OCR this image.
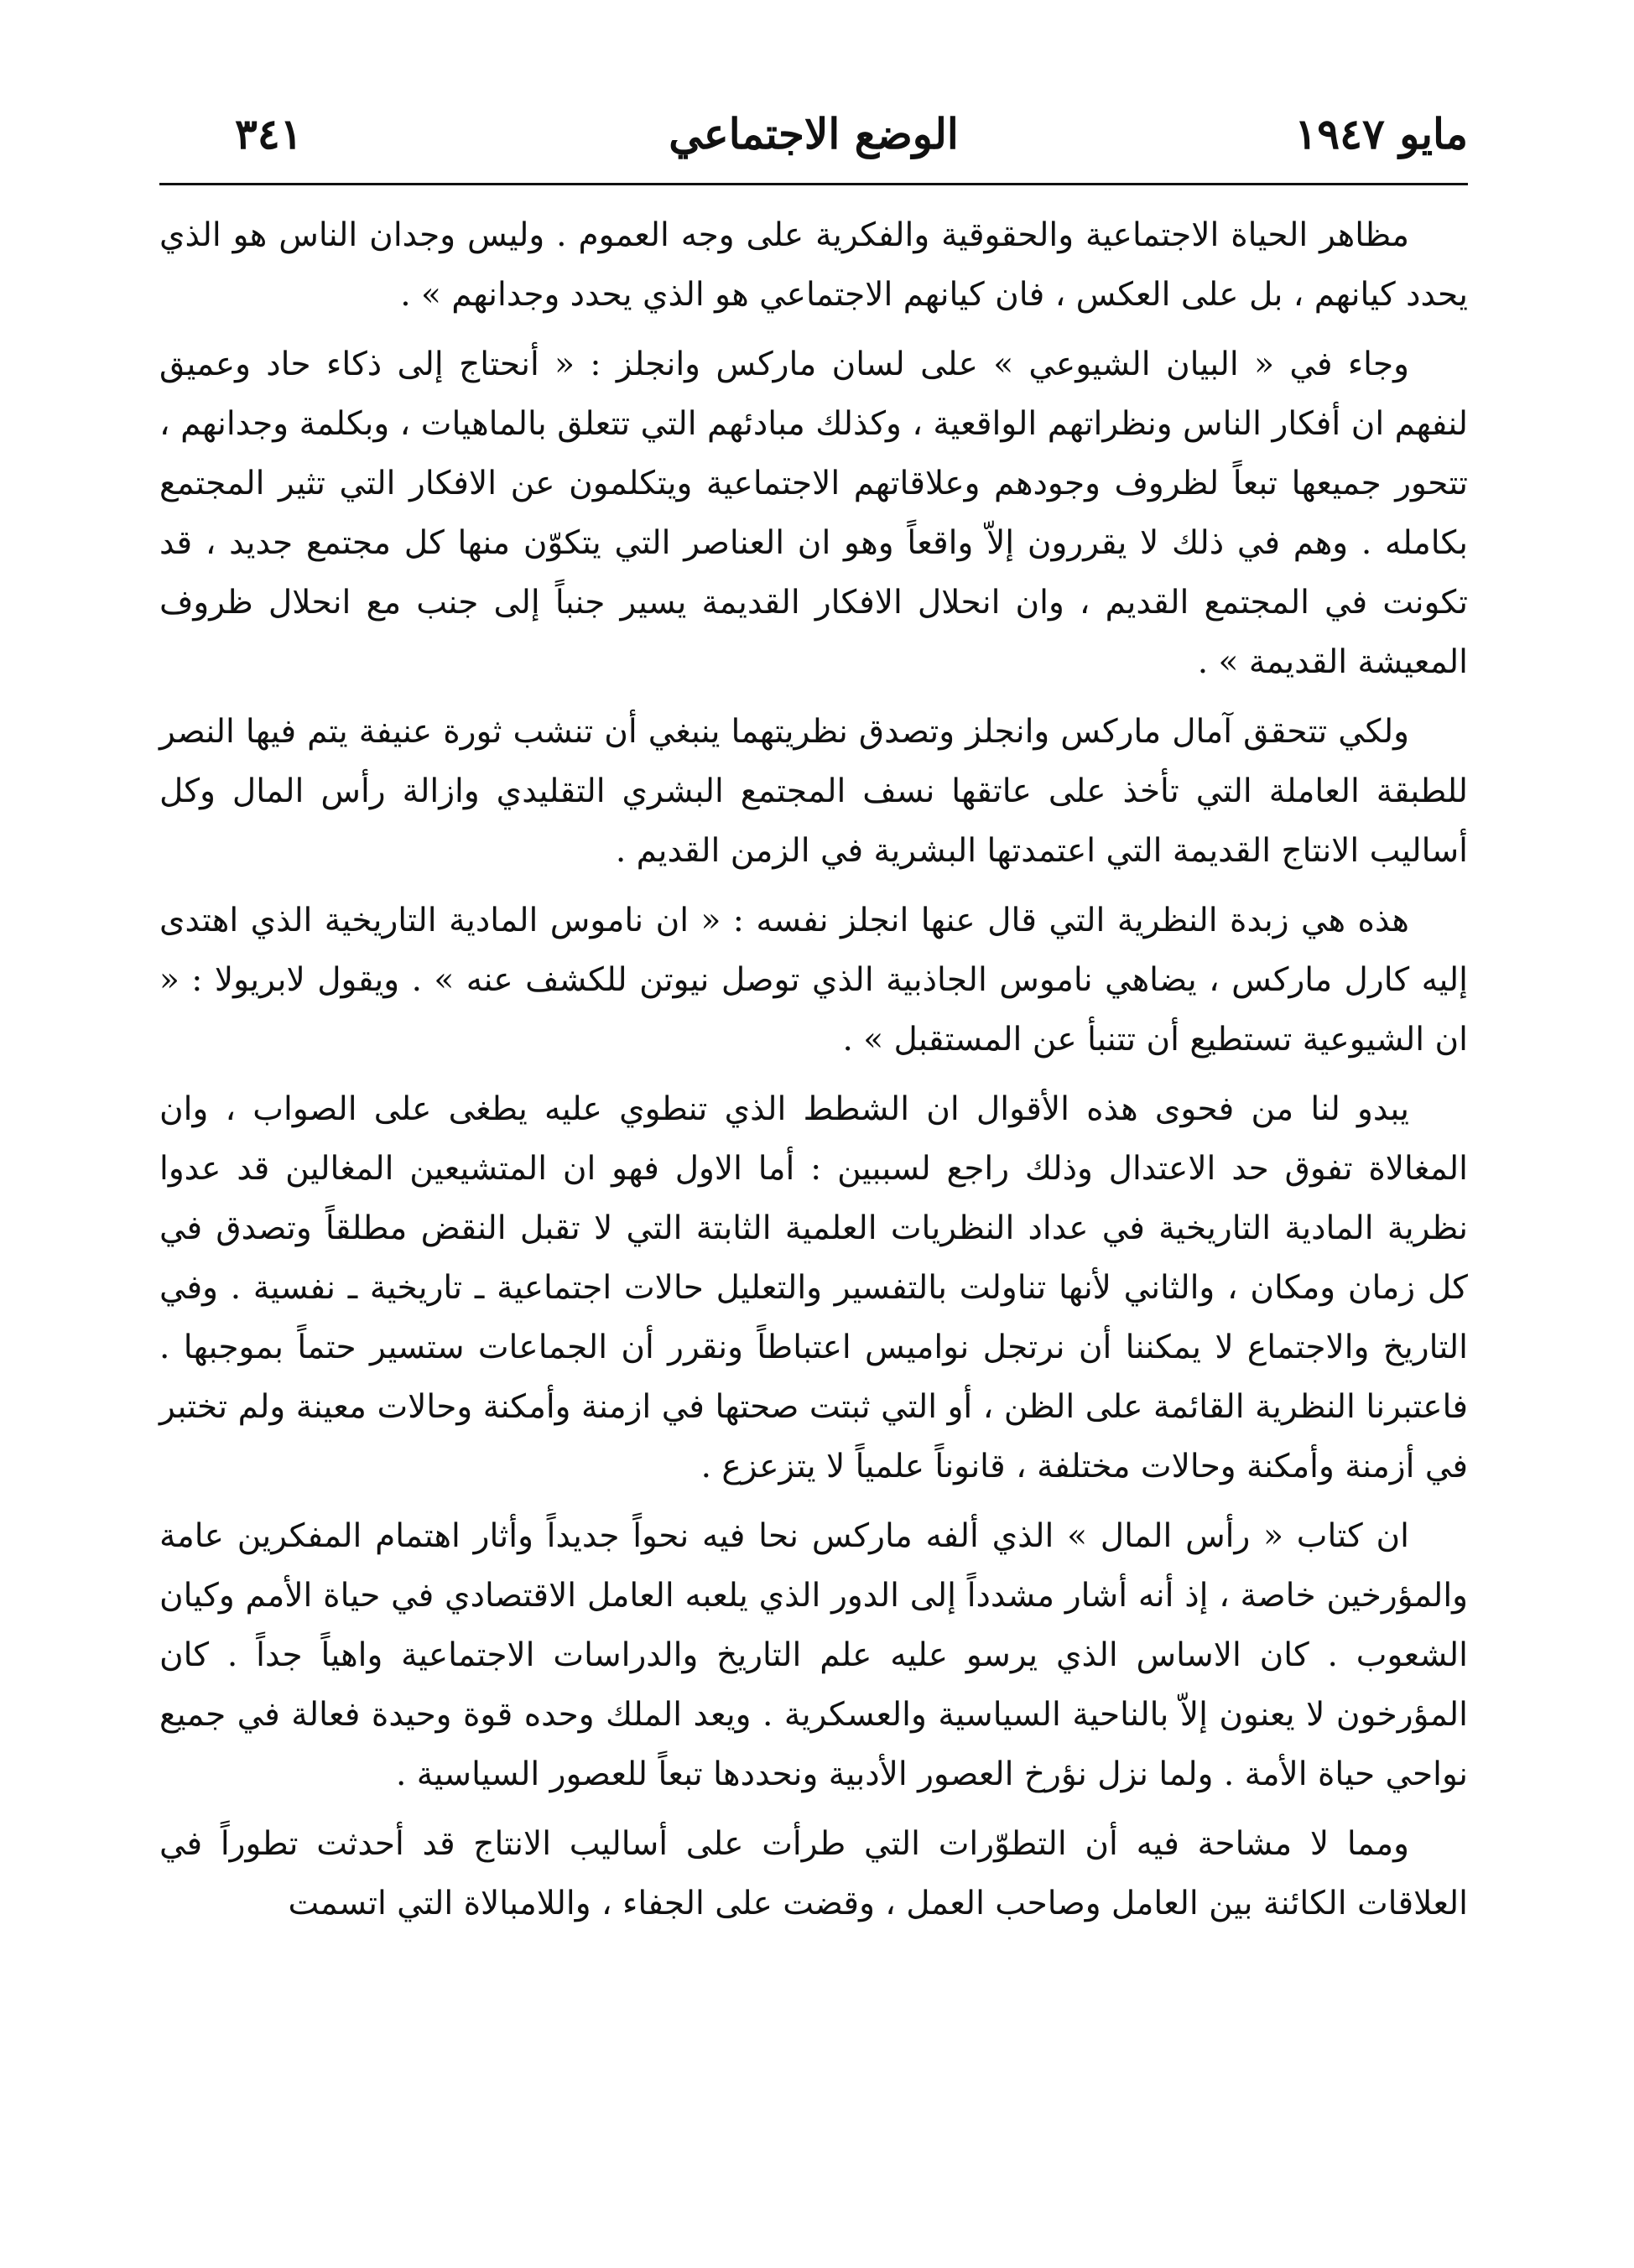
مايو ١٩٤٧
الوضع الاجتماعي
٣٤١

مظاهر الحياة الاجتماعية والحقوقية والفكرية على وجه العموم . وليس وجدان الناس هو الذي يحدد كيانهم ، بل على العكس ، فان كيانهم الاجتماعي هو الذي يحدد وجدانهم » .

وجاء في « البيان الشيوعي » على لسان ماركس وانجلز : « أنحتاج إلى ذكاء حاد وعميق لنفهم ان أفكار الناس ونظراتهم الواقعية ، وكذلك مبادئهم التي تتعلق بالماهيات ، وبكلمة وجدانهم ، تتحور جميعها تبعاً لظروف وجودهم وعلاقاتهم الاجتماعية ويتكلمون عن الافكار التي تثير المجتمع بكامله . وهم في ذلك لا يقررون إلاّ واقعاً وهو ان العناصر التي يتكوّن منها كل مجتمع جديد ، قد تكونت في المجتمع القديم ، وان انحلال الافكار القديمة يسير جنباً إلى جنب مع انحلال ظروف المعيشة القديمة » .

ولكي تتحقق آمال ماركس وانجلز وتصدق نظريتهما ينبغي أن تنشب ثورة عنيفة يتم فيها النصر للطبقة العاملة التي تأخذ على عاتقها نسف المجتمع البشري التقليدي وازالة رأس المال وكل أساليب الانتاج القديمة التي اعتمدتها البشرية في الزمن القديم .

هذه هي زبدة النظرية التي قال عنها انجلز نفسه : « ان ناموس المادية التاريخية الذي اهتدى إليه كارل ماركس ، يضاهي ناموس الجاذبية الذي توصل نيوتن للكشف عنه » . ويقول لابريولا : « ان الشيوعية تستطيع أن تتنبأ عن المستقبل » .

يبدو لنا من فحوى هذه الأقوال ان الشطط الذي تنطوي عليه يطغى على الصواب ، وان المغالاة تفوق حد الاعتدال وذلك راجع لسببين : أما الاول فهو ان المتشيعين المغالين قد عدوا نظرية المادية التاريخية في عداد النظريات العلمية الثابتة التي لا تقبل النقض مطلقاً وتصدق في كل زمان ومكان ، والثاني لأنها تناولت بالتفسير والتعليل حالات اجتماعية ـ تاريخية ـ نفسية . وفي التاريخ والاجتماع لا يمكننا أن نرتجل نواميس اعتباطاً ونقرر أن الجماعات ستسير حتماً بموجبها . فاعتبرنا النظرية القائمة على الظن ، أو التي ثبتت صحتها في ازمنة وأمكنة وحالات معينة ولم تختبر في أزمنة وأمكنة وحالات مختلفة ، قانوناً علمياً لا يتزعزع .

ان كتاب « رأس المال » الذي ألفه ماركس نحا فيه نحواً جديداً وأثار اهتمام المفكرين عامة والمؤرخين خاصة ، إذ أنه أشار مشدداً إلى الدور الذي يلعبه العامل الاقتصادي في حياة الأمم وكيان الشعوب . كان الاساس الذي يرسو عليه علم التاريخ والدراسات الاجتماعية واهياً جداً . كان المؤرخون لا يعنون إلاّ بالناحية السياسية والعسكرية . ويعد الملك وحده قوة وحيدة فعالة في جميع نواحي حياة الأمة . ولما نزل نؤرخ العصور الأدبية ونحددها تبعاً للعصور السياسية .

ومما لا مشاحة فيه أن التطوّرات التي طرأت على أساليب الانتاج قد أحدثت تطوراً في العلاقات الكائنة بين العامل وصاحب العمل ، وقضت على الجفاء ، واللامبالاة التي اتسمت
